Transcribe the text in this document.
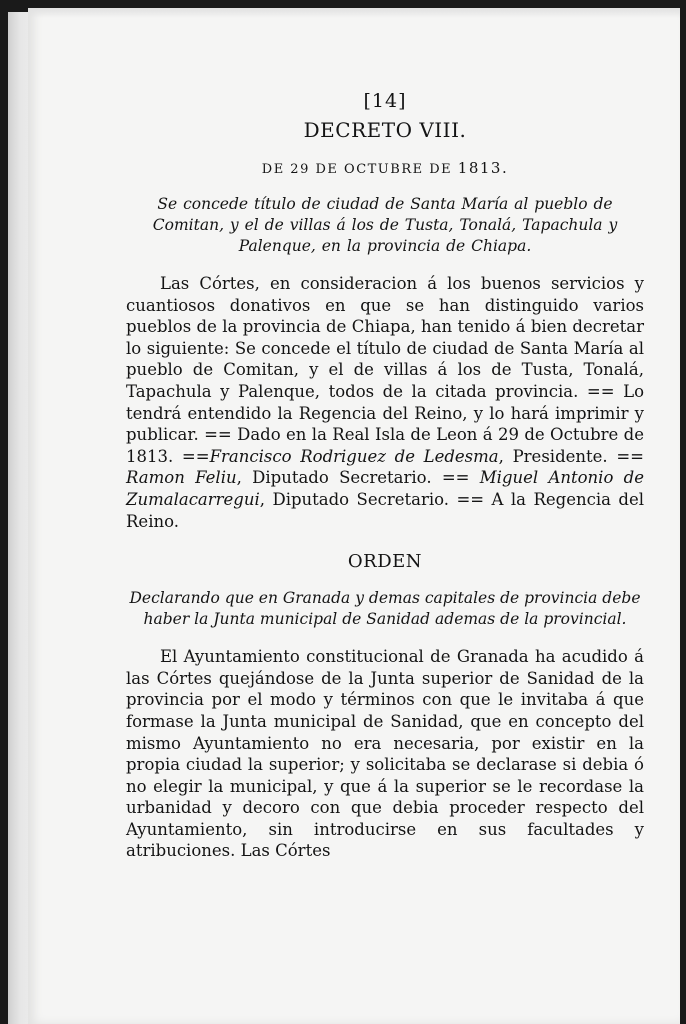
[14]
DECRETO VIII.
DE 29 DE OCTUBRE DE 1813.
Se concede título de ciudad de Santa María al pueblo de Comitan, y el de villas á los de Tusta, Tonalá, Tapachula y Palenque, en la provincia de Chiapa.

Las Córtes, en consideracion á los buenos servicios y cuantiosos donativos en que se han distinguido varios pueblos de la provincia de Chiapa, han tenido á bien decretar lo siguiente: Se concede el título de ciudad de Santa María al pueblo de Comitan, y el de villas á los de Tusta, Tonalá, Tapachula y Palenque, todos de la citada provincia. == Lo tendrá entendido la Regencia del Reino, y lo hará imprimir y publicar. == Dado en la Real Isla de Leon á 29 de Octubre de 1813. ==Francisco Rodriguez de Ledesma, Presidente. == Ramon Feliu, Diputado Secretario. == Miguel Antonio de Zumalacarregui, Diputado Secretario. == A la Regencia del Reino.

ORDEN
Declarando que en Granada y demas capitales de provincia debe haber la Junta municipal de Sanidad ademas de la provincial.

El Ayuntamiento constitucional de Granada ha acudido á las Córtes quejándose de la Junta superior de Sanidad de la provincia por el modo y términos con que le invitaba á que formase la Junta municipal de Sanidad, que en concepto del mismo Ayuntamiento no era necesaria, por existir en la propia ciudad la superior; y solicitaba se declarase si debia ó no elegir la municipal, y que á la superior se le recordase la urbanidad y decoro con que debia proceder respecto del Ayuntamiento, sin introducirse en sus facultades y atribuciones. Las Córtes
